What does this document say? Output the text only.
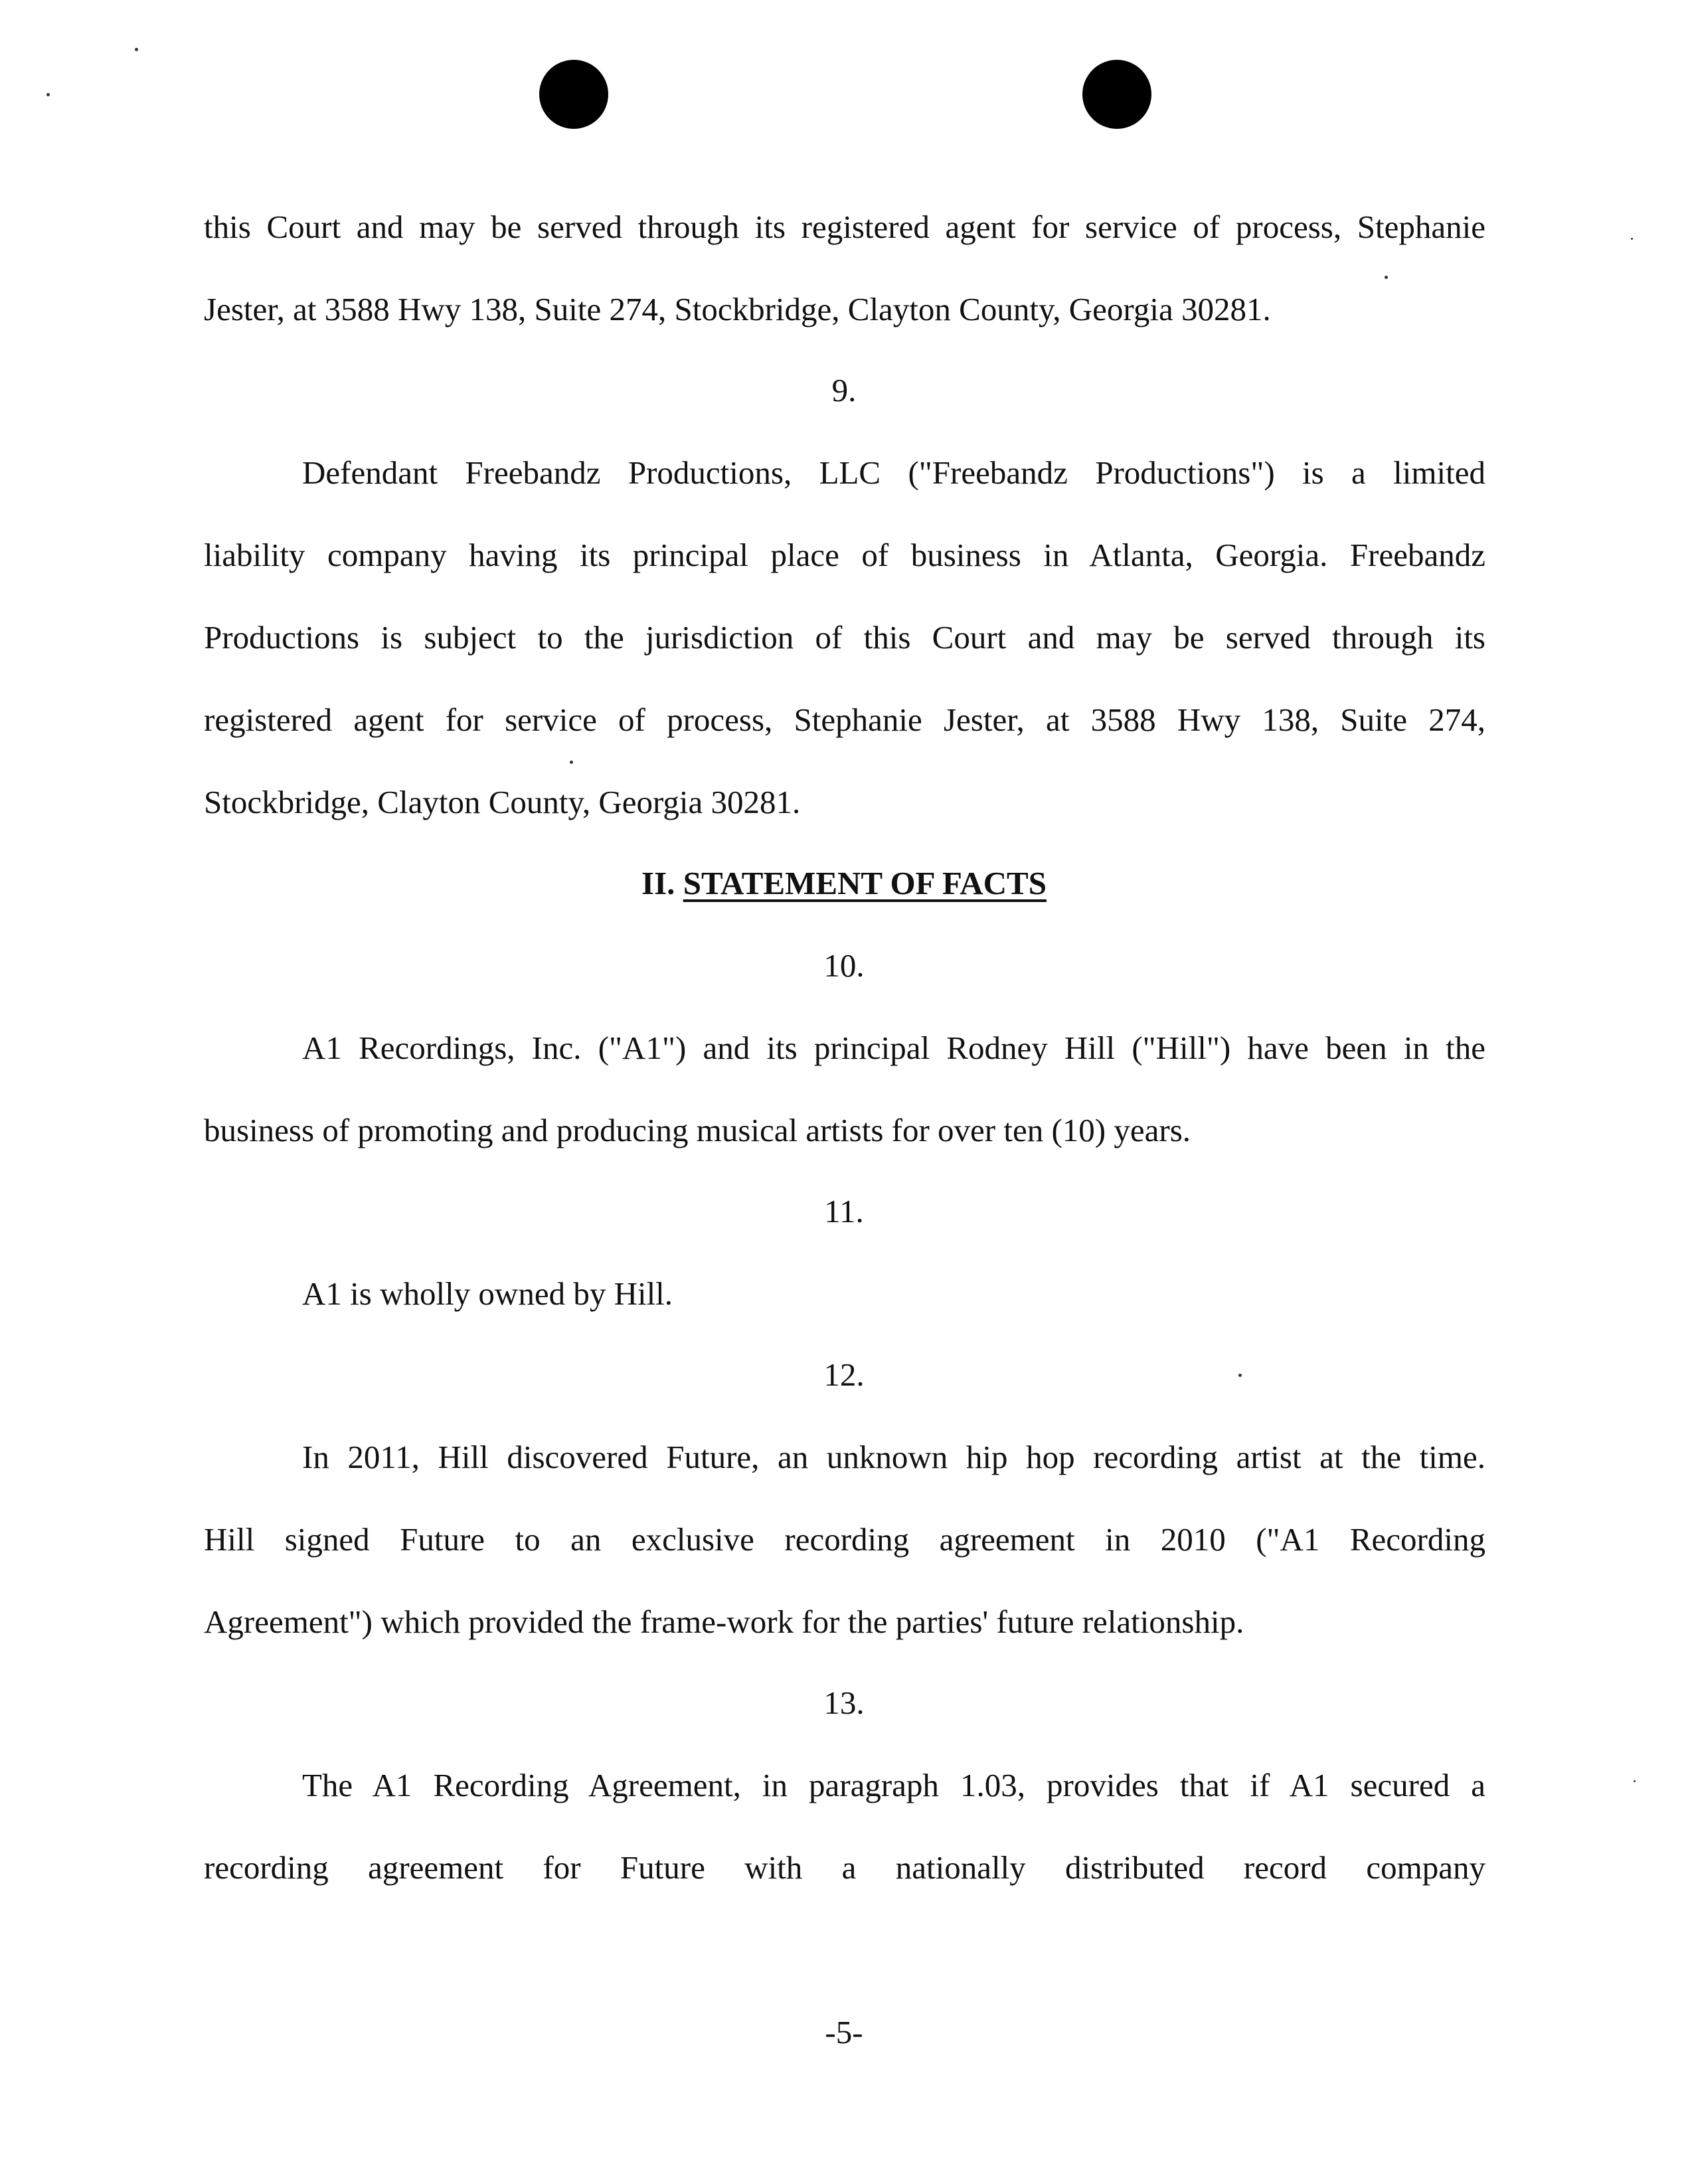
this Court and may be served through its registered agent for service of process, Stephanie
Jester, at 3588 Hwy 138, Suite 274, Stockbridge, Clayton County, Georgia 30281.
9.
Defendant Freebandz Productions, LLC ("Freebandz Productions") is a limited
liability company having its principal place of business in Atlanta, Georgia. Freebandz
Productions is subject to the jurisdiction of this Court and may be served through its
registered agent for service of process, Stephanie Jester, at 3588 Hwy 138, Suite 274,
Stockbridge, Clayton County, Georgia 30281.
II. STATEMENT OF FACTS
10.
A1 Recordings, Inc. ("A1") and its principal Rodney Hill ("Hill") have been in the
business of promoting and producing musical artists for over ten (10) years.
11.
A1 is wholly owned by Hill.
12.
In 2011, Hill discovered Future, an unknown hip hop recording artist at the time.
Hill signed Future to an exclusive recording agreement in 2010 ("A1 Recording
Agreement") which provided the frame-work for the parties' future relationship.
13.
The A1 Recording Agreement, in paragraph 1.03, provides that if A1 secured a
recording agreement for Future with a nationally distributed record company
-5-
